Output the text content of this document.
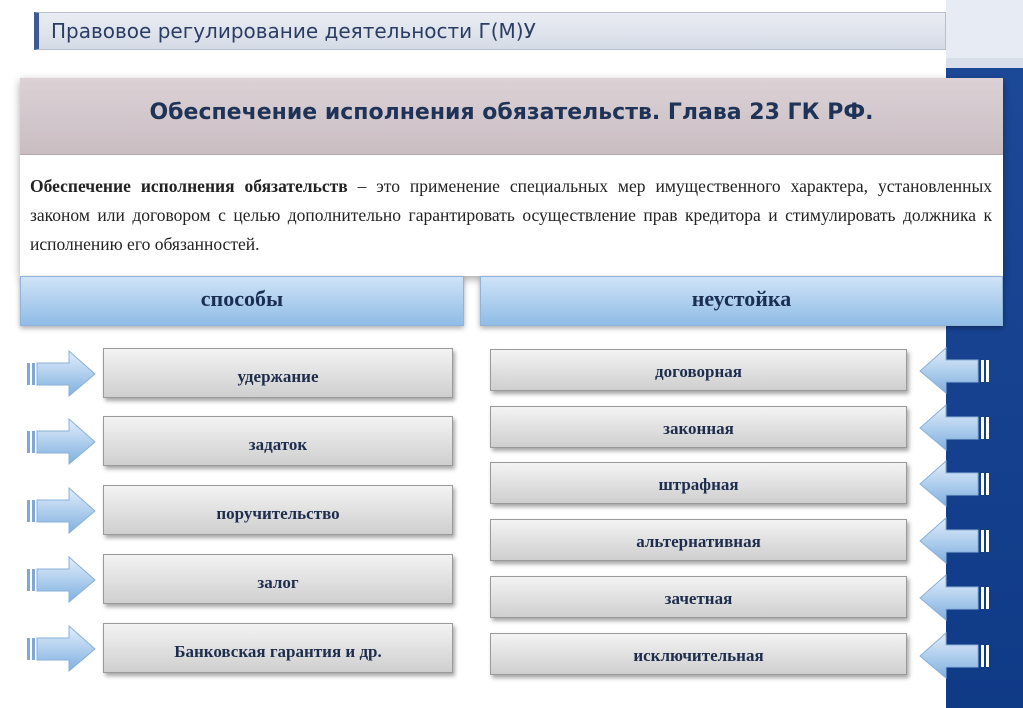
Правовое регулирование деятельности Г(М)У
Обеспечение исполнения обязательств. Глава 23 ГК РФ.
Обеспечение исполнения обязательств – это применение специальных мер имущественного характера, установленных законом или договором с целью дополнительно гарантировать осуществление прав кредитора и стимулировать должника к исполнению его обязанностей.
способы	неустойка
удержание
задаток
поручительство
залог
Банковская гарантия и др.
договорная
законная
штрафная
альтернативная
зачетная
исключительная
